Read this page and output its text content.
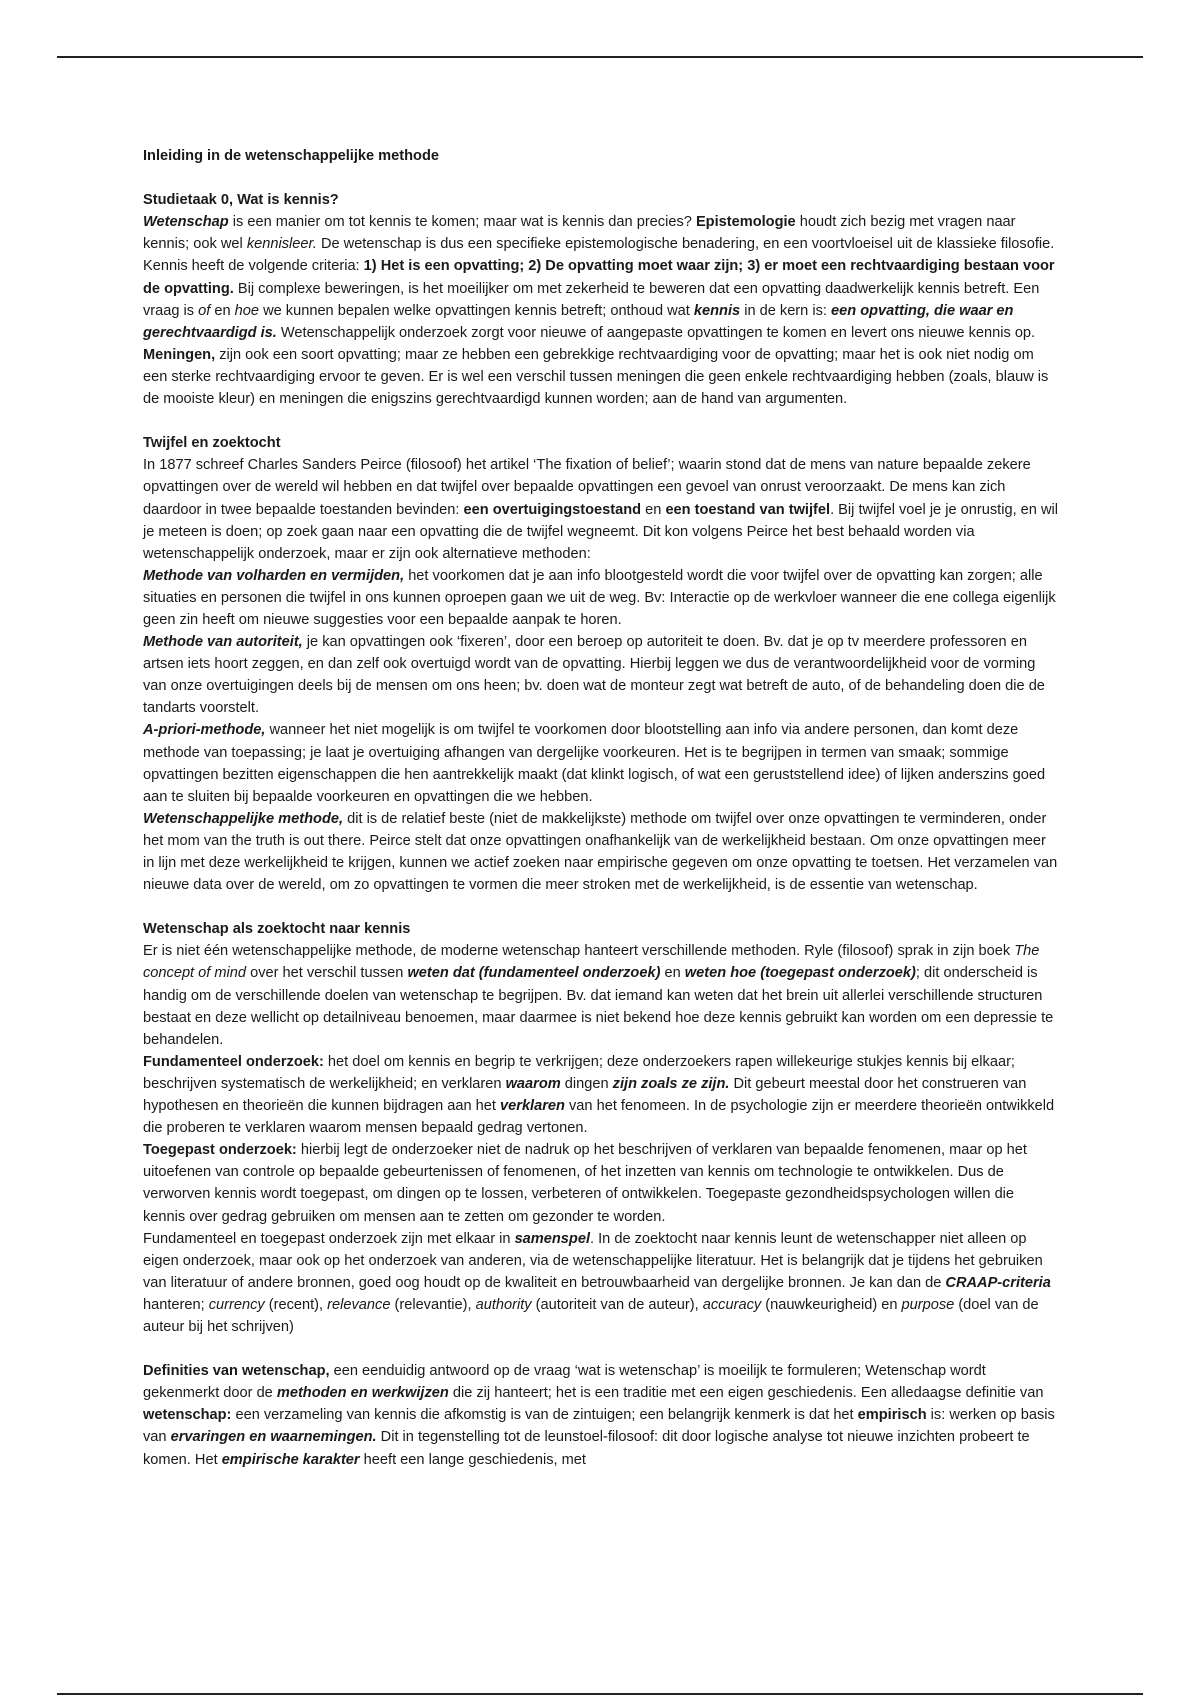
Inleiding in de wetenschappelijke methode

Studietaak 0, Wat is kennis?

Wetenschap is een manier om tot kennis te komen; maar wat is kennis dan precies? Epistemologie houdt zich bezig met vragen naar kennis; ook wel kennisleer. De wetenschap is dus een specifieke epistemologische benadering, en een voortvloeisel uit de klassieke filosofie. Kennis heeft de volgende criteria: 1) Het is een opvatting; 2) De opvatting moet waar zijn; 3) er moet een rechtvaardiging bestaan voor de opvatting. Bij complexe beweringen, is het moeilijker om met zekerheid te beweren dat een opvatting daadwerkelijk kennis betreft. Een vraag is of en hoe we kunnen bepalen welke opvattingen kennis betreft; onthoud wat kennis in de kern is: een opvatting, die waar en gerechtvaardigd is. Wetenschappelijk onderzoek zorgt voor nieuwe of aangepaste opvattingen te komen en levert ons nieuwe kennis op.

Meningen, zijn ook een soort opvatting; maar ze hebben een gebrekkige rechtvaardiging voor de opvatting; maar het is ook niet nodig om een sterke rechtvaardiging ervoor te geven. Er is wel een verschil tussen meningen die geen enkele rechtvaardiging hebben (zoals, blauw is de mooiste kleur) en meningen die enigszins gerechtvaardigd kunnen worden; aan de hand van argumenten.

Twijfel en zoektocht

In 1877 schreef Charles Sanders Peirce (filosoof) het artikel ‘The fixation of belief’; waarin stond dat de mens van nature bepaalde zekere opvattingen over de wereld wil hebben en dat twijfel over bepaalde opvattingen een gevoel van onrust veroorzaakt. De mens kan zich daardoor in twee bepaalde toestanden bevinden: een overtuigingstoestand en een toestand van twijfel. Bij twijfel voel je je onrustig, en wil je meteen is doen; op zoek gaan naar een opvatting die de twijfel wegneemt. Dit kon volgens Peirce het best behaald worden via wetenschappelijk onderzoek, maar er zijn ook alternatieve methoden:

Methode van volharden en vermijden, het voorkomen dat je aan info blootgesteld wordt die voor twijfel over de opvatting kan zorgen; alle situaties en personen die twijfel in ons kunnen oproepen gaan we uit de weg. Bv: Interactie op de werkvloer wanneer die ene collega eigenlijk geen zin heeft om nieuwe suggesties voor een bepaalde aanpak te horen.

Methode van autoriteit, je kan opvattingen ook ‘fixeren’, door een beroep op autoriteit te doen. Bv. dat je op tv meerdere professoren en artsen iets hoort zeggen, en dan zelf ook overtuigd wordt van de opvatting. Hierbij leggen we dus de verantwoordelijkheid voor de vorming van onze overtuigingen deels bij de mensen om ons heen; bv. doen wat de monteur zegt wat betreft de auto, of de behandeling doen die de tandarts voorstelt.

A-priori-methode, wanneer het niet mogelijk is om twijfel te voorkomen door blootstelling aan info via andere personen, dan komt deze methode van toepassing; je laat je overtuiging afhangen van dergelijke voorkeuren. Het is te begrijpen in termen van smaak; sommige opvattingen bezitten eigenschappen die hen aantrekkelijk maakt (dat klinkt logisch, of wat een geruststellend idee) of lijken anderszins goed aan te sluiten bij bepaalde voorkeuren en opvattingen die we hebben.

Wetenschappelijke methode, dit is de relatief beste (niet de makkelijkste) methode om twijfel over onze opvattingen te verminderen, onder het mom van the truth is out there. Peirce stelt dat onze opvattingen onafhankelijk van de werkelijkheid bestaan. Om onze opvattingen meer in lijn met deze werkelijkheid te krijgen, kunnen we actief zoeken naar empirische gegeven om onze opvatting te toetsen. Het verzamelen van nieuwe data over de wereld, om zo opvattingen te vormen die meer stroken met de werkelijkheid, is de essentie van wetenschap.

Wetenschap als zoektocht naar kennis

Er is niet één wetenschappelijke methode, de moderne wetenschap hanteert verschillende methoden. Ryle (filosoof) sprak in zijn boek The concept of mind over het verschil tussen weten dat (fundamenteel onderzoek) en weten hoe (toegepast onderzoek); dit onderscheid is handig om de verschillende doelen van wetenschap te begrijpen. Bv. dat iemand kan weten dat het brein uit allerlei verschillende structuren bestaat en deze wellicht op detailniveau benoemen, maar daarmee is niet bekend hoe deze kennis gebruikt kan worden om een depressie te behandelen.

Fundamenteel onderzoek: het doel om kennis en begrip te verkrijgen; deze onderzoekers rapen willekeurige stukjes kennis bij elkaar; beschrijven systematisch de werkelijkheid; en verklaren waarom dingen zijn zoals ze zijn. Dit gebeurt meestal door het construeren van hypothesen en theorieën die kunnen bijdragen aan het verklaren van het fenomeen. In de psychologie zijn er meerdere theorieën ontwikkeld die proberen te verklaren waarom mensen bepaald gedrag vertonen.

Toegepast onderzoek: hierbij legt de onderzoeker niet de nadruk op het beschrijven of verklaren van bepaalde fenomenen, maar op het uitoefenen van controle op bepaalde gebeurtenissen of fenomenen, of het inzetten van kennis om technologie te ontwikkelen. Dus de verworven kennis wordt toegepast, om dingen op te lossen, verbeteren of ontwikkelen. Toegepaste gezondheidspsychologen willen die kennis over gedrag gebruiken om mensen aan te zetten om gezonder te worden.

Fundamenteel en toegepast onderzoek zijn met elkaar in samenspel. In de zoektocht naar kennis leunt de wetenschapper niet alleen op eigen onderzoek, maar ook op het onderzoek van anderen, via de wetenschappelijke literatuur. Het is belangrijk dat je tijdens het gebruiken van literatuur of andere bronnen, goed oog houdt op de kwaliteit en betrouwbaarheid van dergelijke bronnen. Je kan dan de CRAAP-criteria hanteren; currency (recent), relevance (relevantie), authority (autoriteit van de auteur), accuracy (nauwkeurigheid) en purpose (doel van de auteur bij het schrijven)

Definities van wetenschap, een eenduidig antwoord op de vraag ‘wat is wetenschap’ is moeilijk te formuleren; Wetenschap wordt gekenmerkt door de methoden en werkwijzen die zij hanteert; het is een traditie met een eigen geschiedenis. Een alledaagse definitie van wetenschap: een verzameling van kennis die afkomstig is van de zintuigen; een belangrijk kenmerk is dat het empirisch is: werken op basis van ervaringen en waarnemingen. Dit in tegenstelling tot de leunstoel-filosoof: dit door logische analyse tot nieuwe inzichten probeert te komen. Het empirische karakter heeft een lange geschiedenis, met
